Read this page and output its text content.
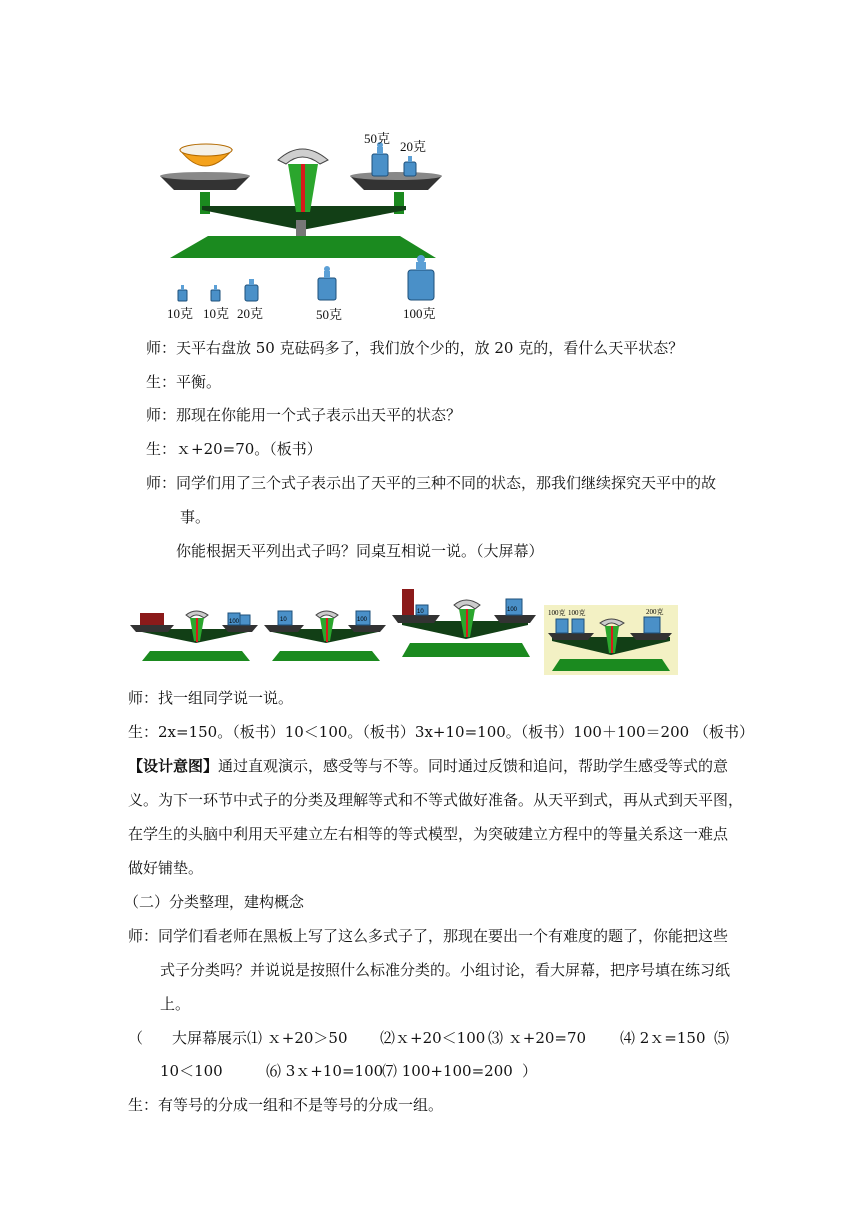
50克
20克
10克 10克 20克	50克	100克
师：天平右盘放 50 克砝码多了，我们放个少的，放 20 克的，看什么天平状态？
生：平衡。
师：那现在你能用一个式子表示出天平的状态？
生：ｘ+20=70。（板书）
师：同学们用了三个式子表示出了天平的三种不同的状态，那我们继续探究天平中的故
事。
你能根据天平列出式子吗？同桌互相说一说。（大屏幕）
100	10	100
10	100	100克 100克	200克
师：找一组同学说一说。
生：2x=150。（板书）10＜100。（板书）3x+10=100。（板书）100＋100＝200 （板书）
【设计意图】通过直观演示，感受等与不等。同时通过反馈和追问，帮助学生感受等式的意
义。为下一环节中式子的分类及理解等式和不等式做好准备。从天平到式，再从式到天平图，
在学生的头脑中利用天平建立左右相等的等式模型，为突破建立方程中的等量关系这一难点
做好铺垫。
（二）分类整理，建构概念
师：同学们看老师在黑板上写了这么多式子了，那现在要出一个有难度的题了，你能把这些
式子分类吗？并说说是按照什么标准分类的。小组讨论，看大屏幕，把序号填在练习纸
上。
（ 大屏幕展示⑴ ｘ+20＞50 ⑵ｘ+20＜100 ⑶ ｘ+20=70 ⑷ 2ｘ=150 ⑸
10＜100	⑹ 3ｘ+10=100
⑺ 100+100=200 ）
生：有等号的分成一组和不是等号的分成一组。
